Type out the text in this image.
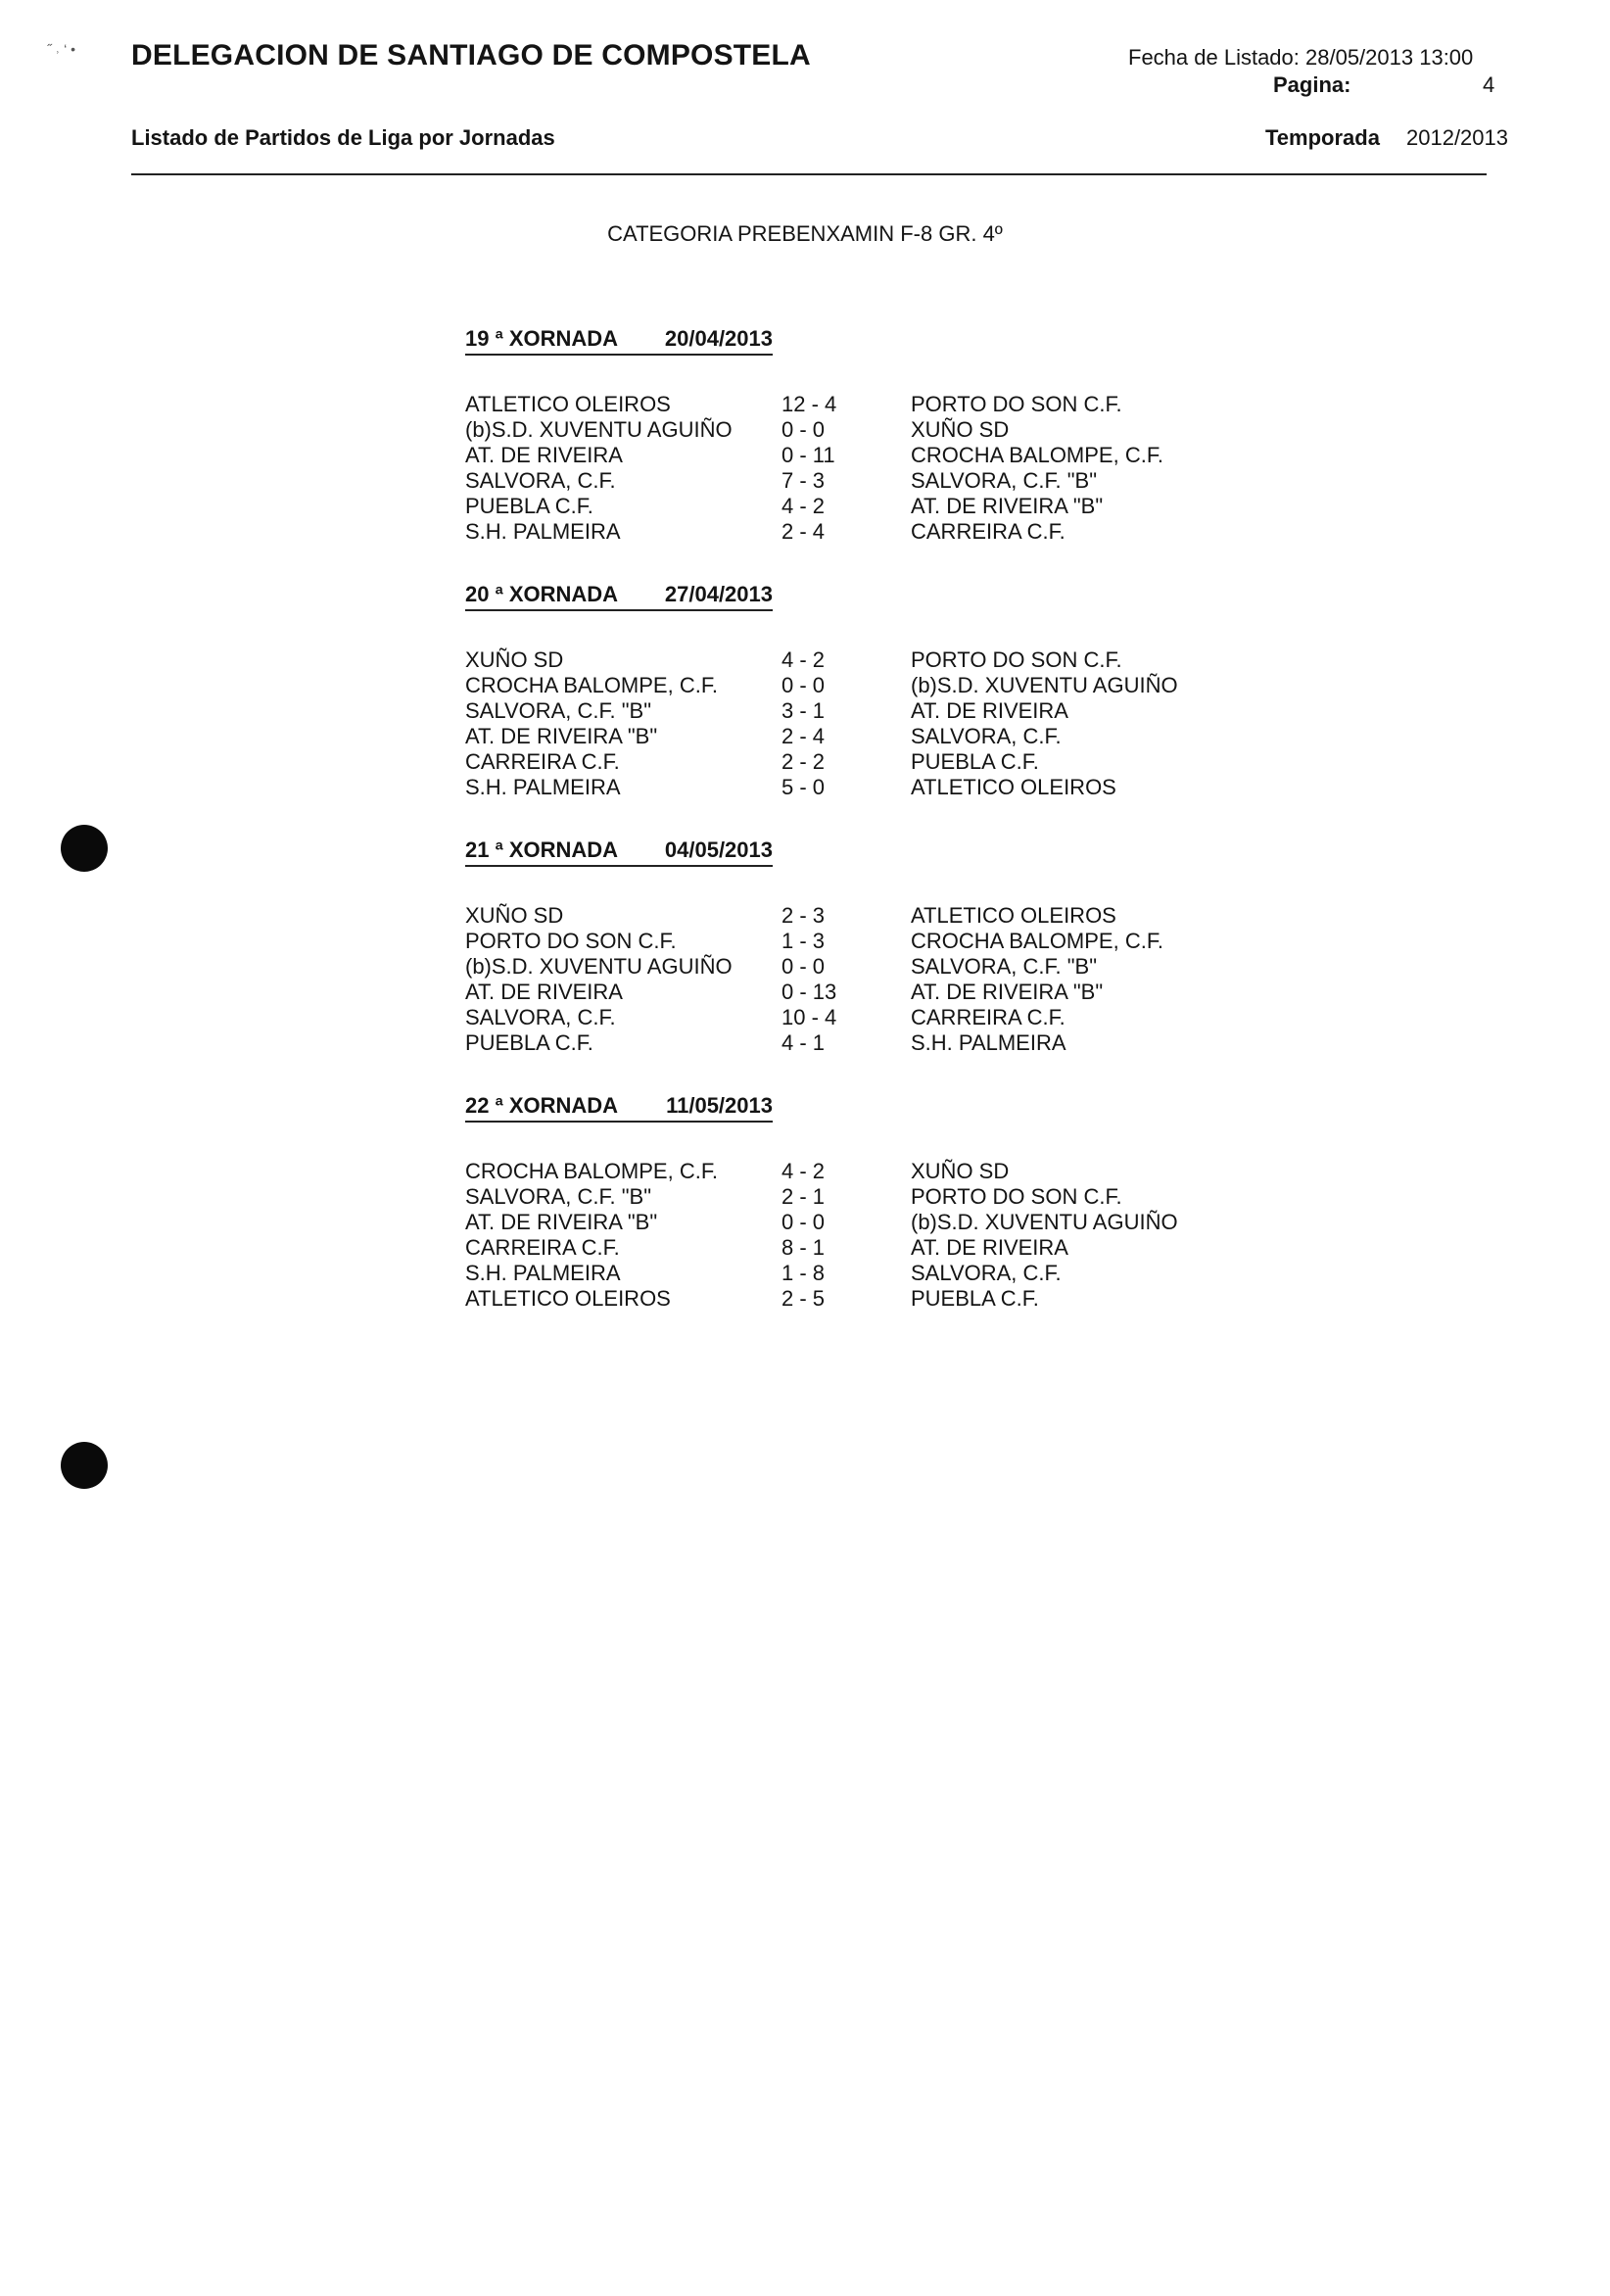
˝ ˒ ‘ • DELEGACION DE SANTIAGO DE COMPOSTELA	Fecha de Listado: 28/05/2013 13:00
Pagina:	4
Listado de Partidos de Liga por Jornadas	Temporada 2012/2013
CATEGORIA PREBENXAMIN F-8 GR. 4º
19 ª XORNADA 20/04/2013
ATLETICO OLEIROS	12 - 4	PORTO DO SON C.F.
(b)S.D. XUVENTU AGUIÑO 0 - 0	XUÑO SD
AT. DE RIVEIRA	0 - 11	CROCHA BALOMPE, C.F.
SALVORA, C.F.	7 - 3	SALVORA, C.F. "B"
PUEBLA C.F.	4 - 2	AT. DE RIVEIRA "B"
S.H. PALMEIRA	2 - 4	CARREIRA C.F.
20 ª XORNADA 27/04/2013
XUÑO SD	4 - 2	PORTO DO SON C.F.
CROCHA BALOMPE, C.F.	0 - 0	(b)S.D. XUVENTU AGUIÑO
SALVORA, C.F. "B"	3 - 1	AT. DE RIVEIRA
AT. DE RIVEIRA "B"	2 - 4	SALVORA, C.F.
CARREIRA C.F.	2 - 2	PUEBLA C.F.
S.H. PALMEIRA	5 - 0	ATLETICO OLEIROS
21 ª XORNADA 04/05/2013
XUÑO SD	2 - 3	ATLETICO OLEIROS
PORTO DO SON C.F.	1 - 3	CROCHA BALOMPE, C.F.
(b)S.D. XUVENTU AGUIÑO 0 - 0	SALVORA, C.F. "B"
AT. DE RIVEIRA	0 - 13	AT. DE RIVEIRA "B"
SALVORA, C.F.	10 - 4	CARREIRA C.F.
PUEBLA C.F.	4 - 1	S.H. PALMEIRA
22 ª XORNADA 11/05/2013
CROCHA BALOMPE, C.F.	4 - 2	XUÑO SD
SALVORA, C.F. "B"	2 - 1	PORTO DO SON C.F.
AT. DE RIVEIRA "B"	0 - 0	(b)S.D. XUVENTU AGUIÑO
CARREIRA C.F.	8 - 1	AT. DE RIVEIRA
S.H. PALMEIRA	1 - 8	SALVORA, C.F.
ATLETICO OLEIROS	2 - 5	PUEBLA C.F.
